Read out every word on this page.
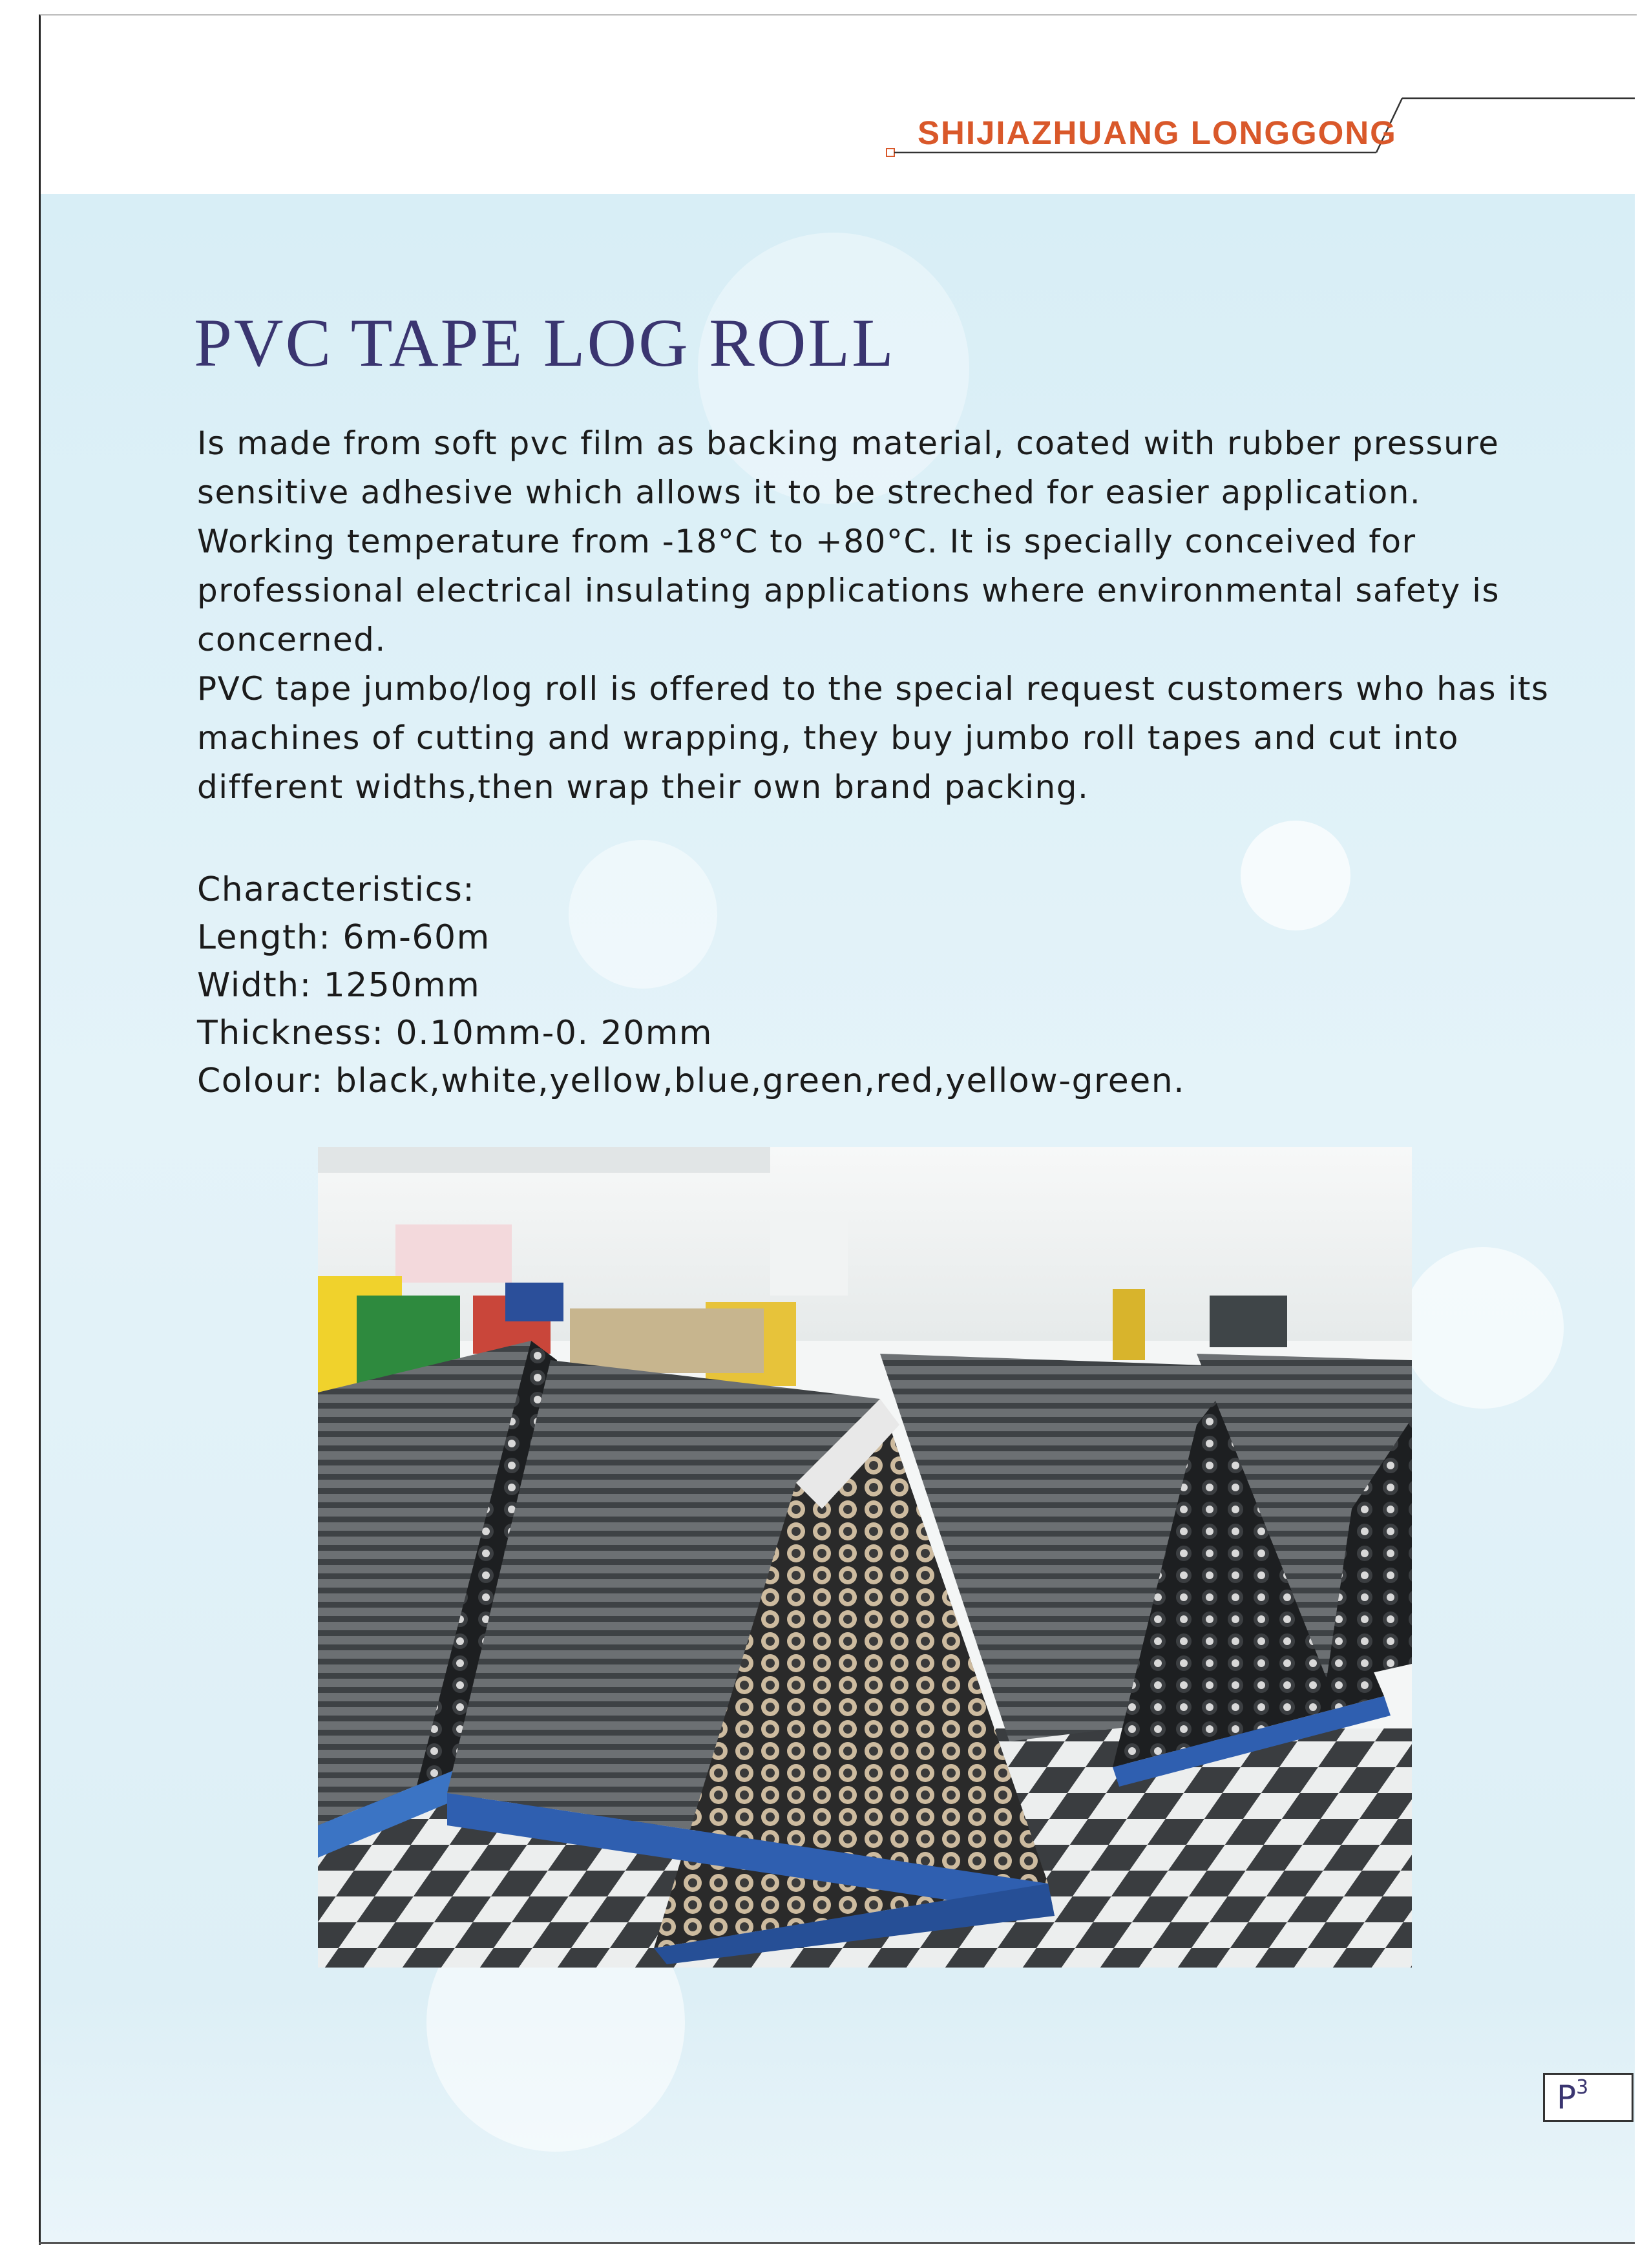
SHIJIAZHUANG LONGGONG
PVC TAPE LOG ROLL

Is made from soft pvc film as backing material, coated with rubber pressure sensitive adhesive which allows it to be streched for easier application. Working temperature from -18°C to +80°C. It is specially conceived for professional electrical insulating applications where environmental safety is concerned.

PVC tape jumbo/log roll is offered to the special request customers who has its machines of cutting and wrapping, they buy jumbo roll tapes and cut into different widths,then wrap their own brand packing.

Characteristics:
Length: 6m-60m
Width: 1250mm
Thickness: 0.10mm-0. 20mm
Colour: black,white,yellow,blue,green,red,yellow-green.
$P^3$
